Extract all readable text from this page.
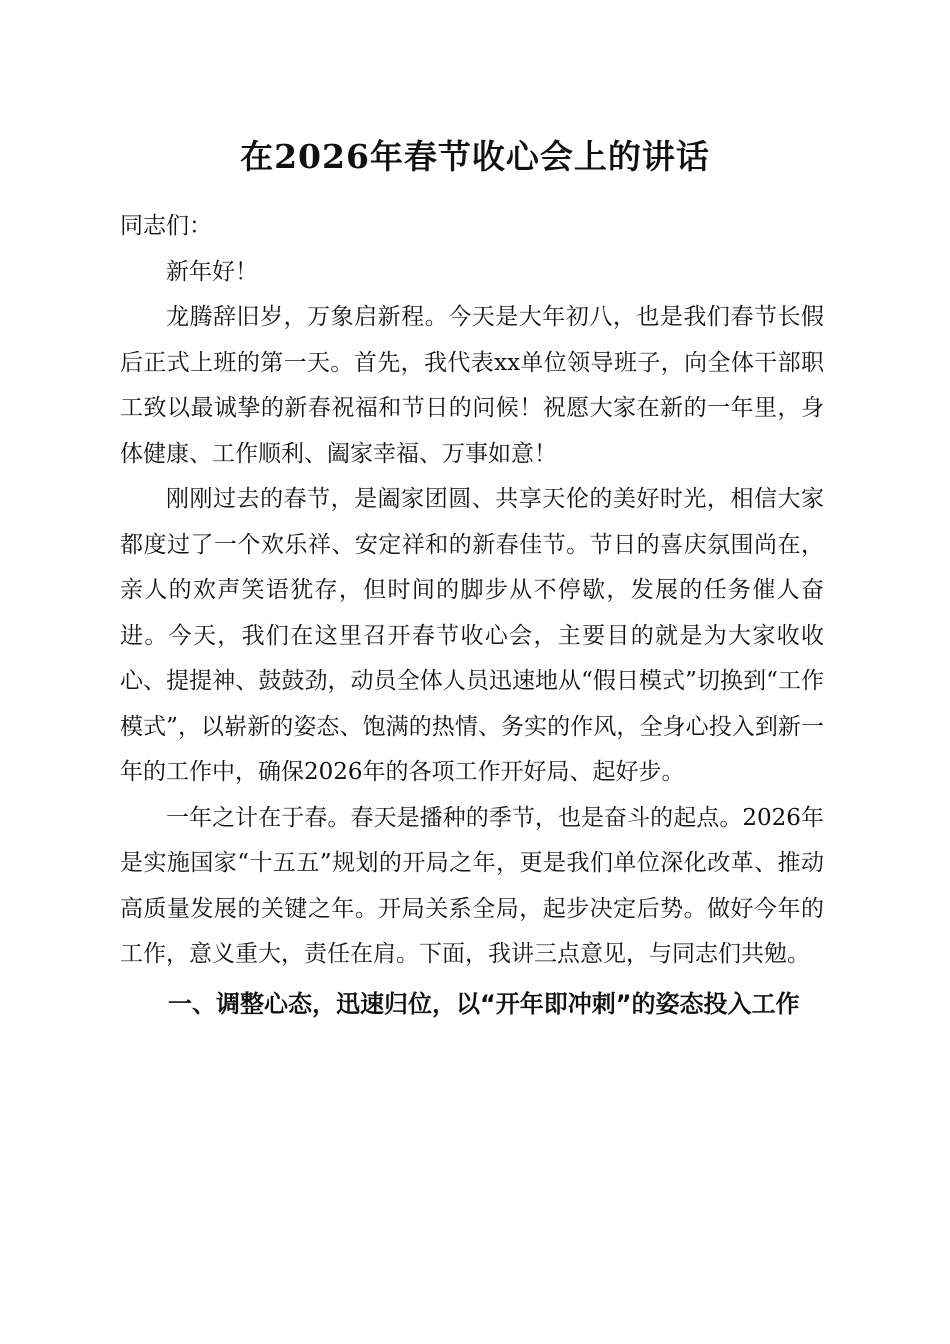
在2026年春节收心会上的讲话

同志们：

新年好！

龙腾辞旧岁，万象启新程。今天是大年初八，也是我们春节长假后正式上班的第一天。首先，我代表xx单位领导班子，向全体干部职工致以最诚挚的新春祝福和节日的问候！祝愿大家在新的一年里，身体健康、工作顺利、阖家幸福、万事如意！

刚刚过去的春节，是阖家团圆、共享天伦的美好时光，相信大家都度过了一个欢乐祥、安定祥和的新春佳节。节日的喜庆氛围尚在，亲人的欢声笑语犹存，但时间的脚步从不停歇，发展的任务催人奋进。今天，我们在这里召开春节收心会，主要目的就是为大家收收心、提提神、鼓鼓劲，动员全体人员迅速地从“假日模式”切换到“工作模式”，以崭新的姿态、饱满的热情、务实的作风，全身心投入到新一年的工作中，确保2026年的各项工作开好局、起好步。

一年之计在于春。春天是播种的季节，也是奋斗的起点。2026年是实施国家“十五五”规划的开局之年，更是我们单位深化改革、推动高质量发展的关键之年。开局关系全局，起步决定后势。做好今年的工作，意义重大，责任在肩。下面，我讲三点意见，与同志们共勉。

一、调整心态，迅速归位，以“开年即冲刺”的姿态投入工作
